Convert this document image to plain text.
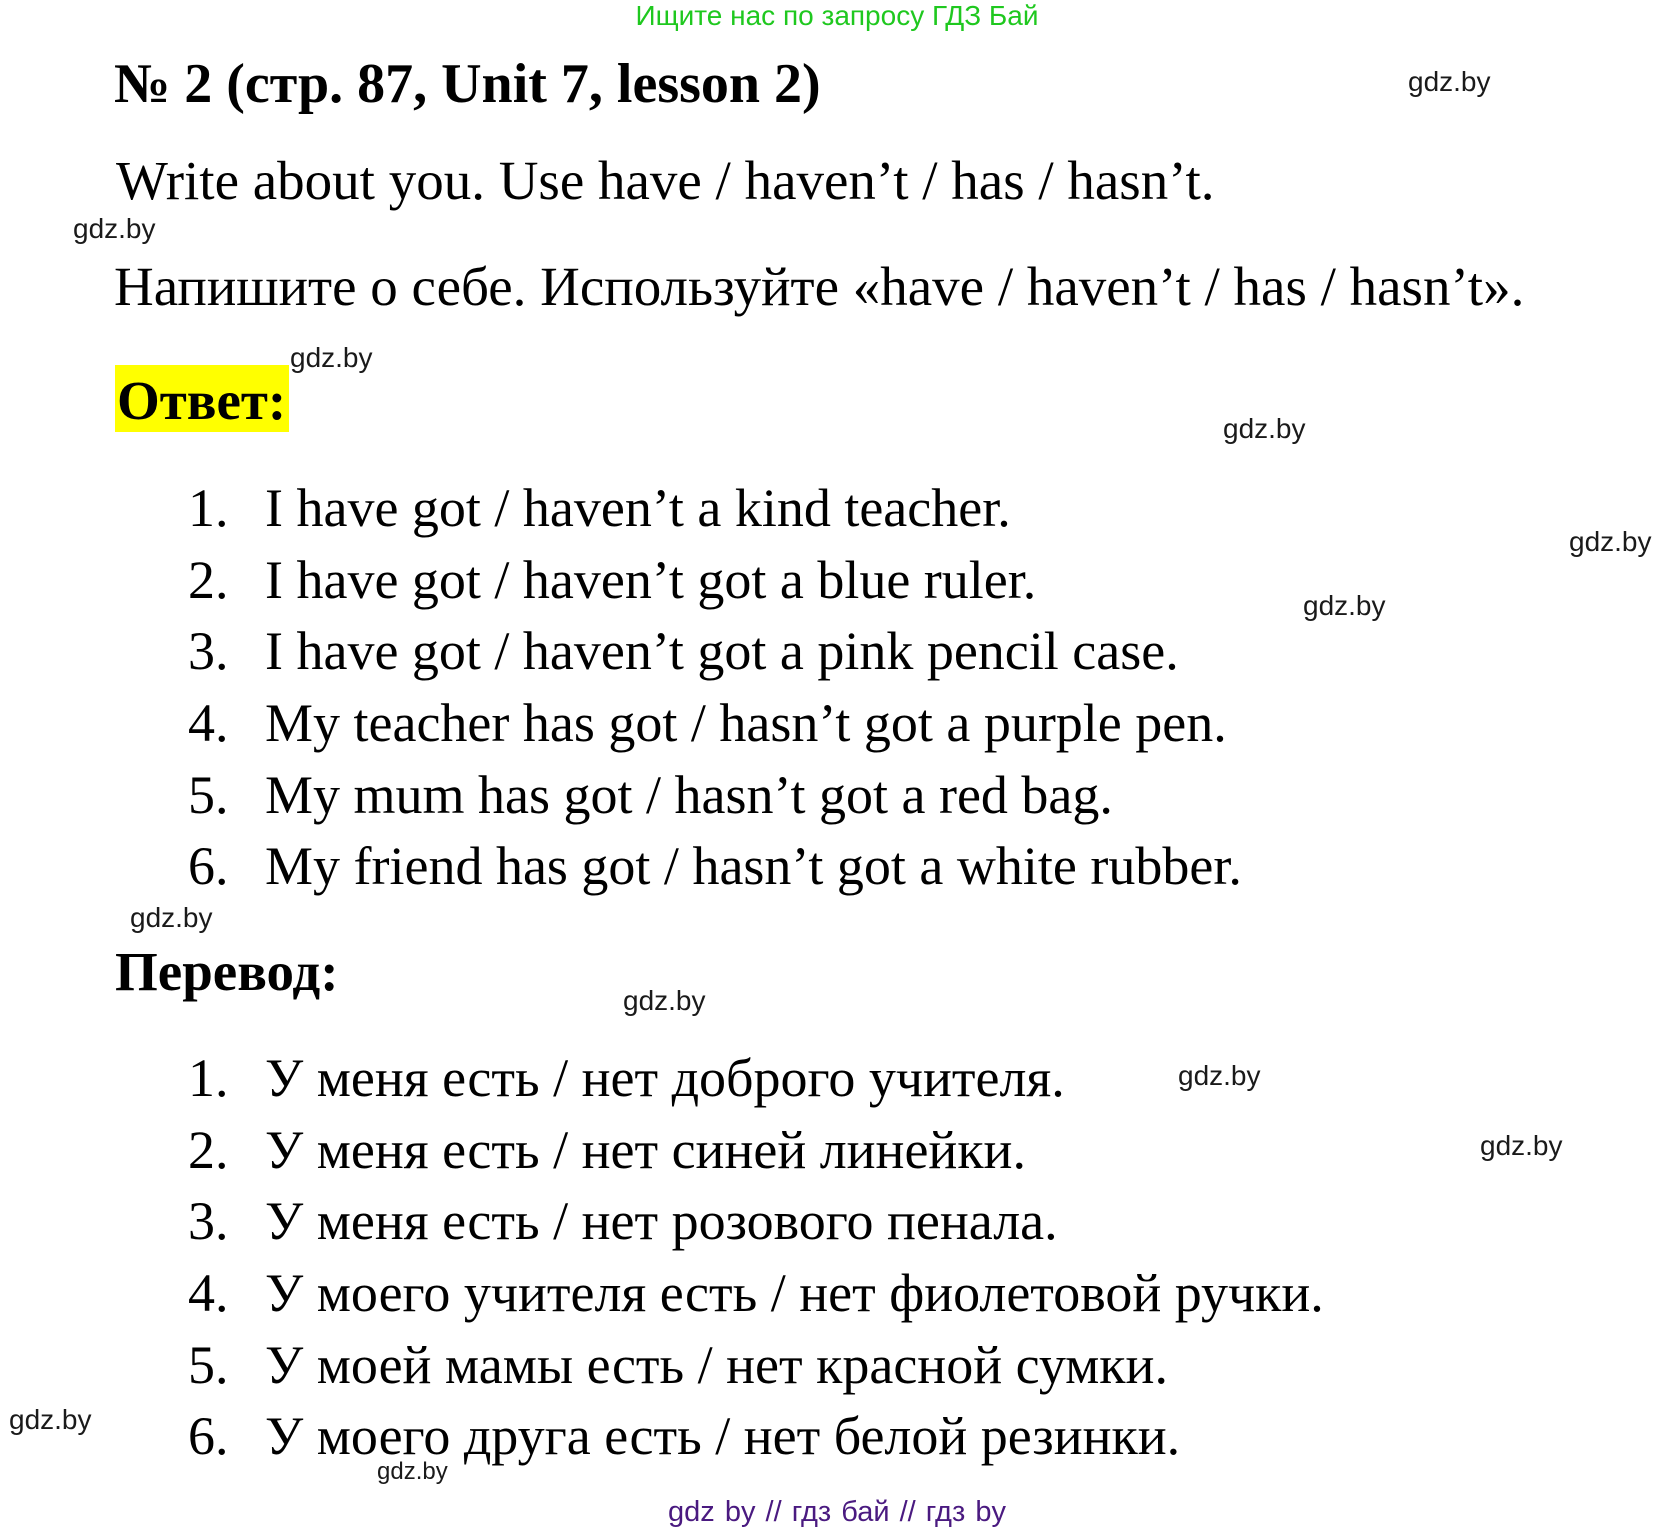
Ищите нас по запросу ГДЗ Бай
№ 2 (стр. 87, Unit 7, lesson 2)
Write about you. Use have / haven’t / has / hasn’t.
Напишите о себе. Используйте «have / haven’t / has / hasn’t».
Ответ:
1. I have got / haven’t a kind teacher.
2. I have got / haven’t got a blue ruler.
3. I have got / haven’t got a pink pencil case.
4. My teacher has got / hasn’t got a purple pen.
5. My mum has got / hasn’t got a red bag.
6. My friend has got / hasn’t got a white rubber.
Перевод:
1. У меня есть / нет доброго учителя.
2. У меня есть / нет синей линейки.
3. У меня есть / нет розового пенала.
4. У моего учителя есть / нет фиолетовой ручки.
5. У моей мамы есть / нет красной сумки.
6. У моего друга есть / нет белой резинки.
gdz.by
gdz.by
gdz.by
gdz.by
gdz.by
gdz.by
gdz.by
gdz.by
gdz.by
gdz.by
gdz.by
gdz.by
gdz by // гдз бай // гдз by
